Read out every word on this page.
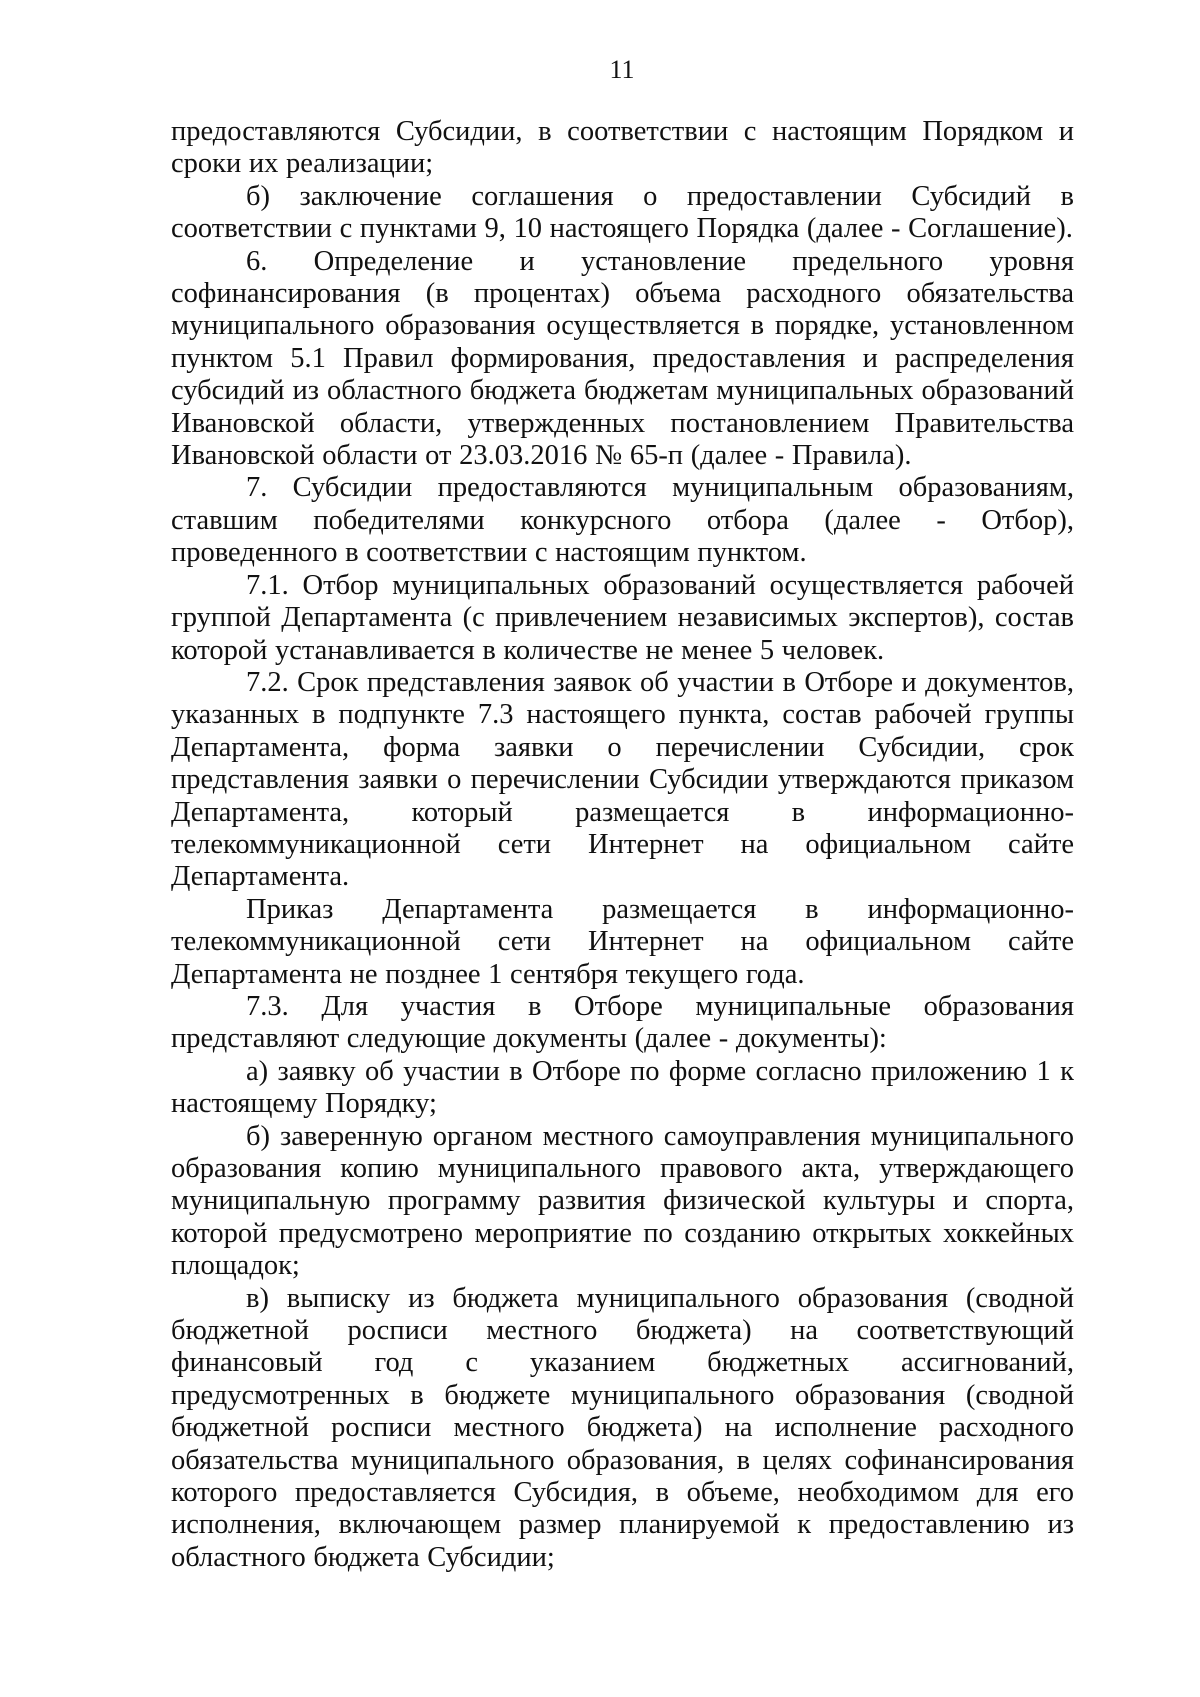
11

предоставляются Субсидии, в соответствии с настоящим Порядком и сроки их реализации;

б) заключение соглашения о предоставлении Субсидий в соответствии с пунктами 9, 10 настоящего Порядка (далее - Соглашение).

6. Определение и установление предельного уровня софинансирования (в процентах) объема расходного обязательства муниципального образования осуществляется в порядке, установленном пунктом 5.1 Правил формирования, предоставления и распределения субсидий из областного бюджета бюджетам муниципальных образований Ивановской области, утвержденных постановлением Правительства Ивановской области от 23.03.2016 № 65-п (далее - Правила).

7. Субсидии предоставляются муниципальным образованиям, ставшим победителями конкурсного отбора (далее - Отбор), проведенного в соответствии с настоящим пунктом.

7.1. Отбор муниципальных образований осуществляется рабочей группой Департамента (с привлечением независимых экспертов), состав которой устанавливается в количестве не менее 5 человек.

7.2. Срок представления заявок об участии в Отборе и документов, указанных в подпункте 7.3 настоящего пункта, состав рабочей группы Департамента, форма заявки о перечислении Субсидии, срок представления заявки о перечислении Субсидии утверждаются приказом Департамента, который размещается в информационно-телекоммуникационной сети Интернет на официальном сайте Департамента.

Приказ Департамента размещается в информационно-телекоммуникационной сети Интернет на официальном сайте Департамента не позднее 1 сентября текущего года.

7.3. Для участия в Отборе муниципальные образования представляют следующие документы (далее - документы):

а) заявку об участии в Отборе по форме согласно приложению 1 к настоящему Порядку;

б) заверенную органом местного самоуправления муниципального образования копию муниципального правового акта, утверждающего муниципальную программу развития физической культуры и спорта, которой предусмотрено мероприятие по созданию открытых хоккейных площадок;

в) выписку из бюджета муниципального образования (сводной бюджетной росписи местного бюджета) на соответствующий финансовый год с указанием бюджетных ассигнований, предусмотренных в бюджете муниципального образования (сводной бюджетной росписи местного бюджета) на исполнение расходного обязательства муниципального образования, в целях софинансирования которого предоставляется Субсидия, в объеме, необходимом для его исполнения, включающем размер планируемой к предоставлению из областного бюджета Субсидии;
